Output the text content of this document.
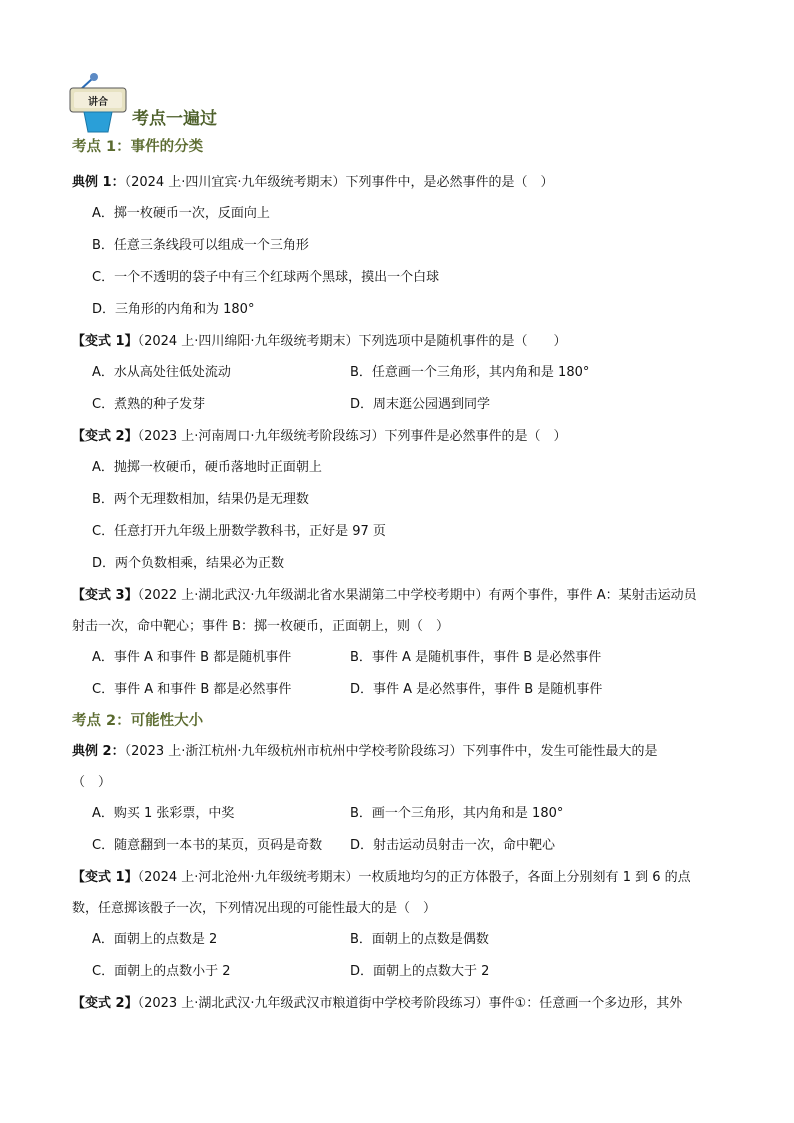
讲合
考点一遍过
考点 1：事件的分类
典例 1：（2024 上·四川宜宾·九年级统考期末）下列事件中，是必然事件的是（　）
A．掷一枚硬币一次，反面向上
B．任意三条线段可以组成一个三角形
C．一个不透明的袋子中有三个红球两个黑球，摸出一个白球
D．三角形的内角和为 180°
【变式 1】（2024 上·四川绵阳·九年级统考期末）下列选项中是随机事件的是（　　）
A．水从高处往低处流动	B．任意画一个三角形，其内角和是 180°
C．煮熟的种子发芽	D．周末逛公园遇到同学
【变式 2】（2023 上·河南周口·九年级统考阶段练习）下列事件是必然事件的是（　）
A．抛掷一枚硬币，硬币落地时正面朝上
B．两个无理数相加，结果仍是无理数
C．任意打开九年级上册数学教科书，正好是 97 页
D．两个负数相乘，结果必为正数
【变式 3】（2022 上·湖北武汉·九年级湖北省水果湖第二中学校考期中）有两个事件，事件 A：某射击运动员
射击一次，命中靶心；事件 B：掷一枚硬币，正面朝上，则（　）
A．事件 A 和事件 B 都是随机事件	B．事件 A 是随机事件，事件 B 是必然事件
C．事件 A 和事件 B 都是必然事件	D．事件 A 是必然事件，事件 B 是随机事件
考点 2：可能性大小
典例 2：（2023 上·浙江杭州·九年级杭州市杭州中学校考阶段练习）下列事件中，发生可能性最大的是
（　）
A．购买 1 张彩票，中奖	B．画一个三角形，其内角和是 180°
C．随意翻到一本书的某页，页码是奇数	D．射击运动员射击一次，命中靶心
【变式 1】（2024 上·河北沧州·九年级统考期末）一枚质地均匀的正方体骰子，各面上分别刻有 1 到 6 的点
数，任意掷该骰子一次，下列情况出现的可能性最大的是（　）
A．面朝上的点数是 2	B．面朝上的点数是偶数
C．面朝上的点数小于 2	D．面朝上的点数大于 2
【变式 2】（2023 上·湖北武汉·九年级武汉市粮道街中学校考阶段练习）事件①：任意画一个多边形，其外
